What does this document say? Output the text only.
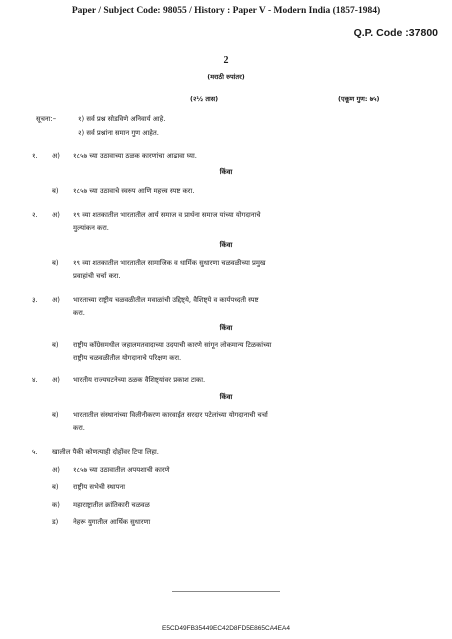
Paper / Subject Code: 98055 / History : Paper V - Modern India (1857-1984)
Q.P. Code :37800
2
(मराठी रुपांतर)
(२½ तास)	(एकूण गुण: ७५)
सूचना:–	१) सर्व प्रश्न सोडविणे अनिवार्य आहे.
२) सर्व प्रश्नांना समान गुण आहेत.
१. अ) १८५७ च्या उठावाच्या ठळक कारणांचा आढावा घ्या.
किंवा
ब) १८५७ च्या उठावाचे स्वरुप आणि महत्त्व स्पष्ट करा.
२. अ) १९ व्या शतकातील भारतातील आर्य समाज व प्रार्थना समाज यांच्या योगदानाचे
मुल्यांकन करा.
किंवा
ब) १९ व्या शतकातील भारतातील सामाजिक व धार्मिक सुधारणा चळवळीच्या प्रमुख
प्रवाहांची चर्चा करा.
३. अ) भारताच्या राष्ट्रीय चळवळीतील मवाळांची उद्दिष्ट्ये, वैशिष्ट्ये व कार्यपध्दती स्पष्ट
करा.
किंवा
ब) राष्ट्रीय काँग्रेसमधील जहालमतवादाच्या उदयाची कारणे सांगून लोकमान्य टिळकांच्या
राष्ट्रीय चळवळीतील योगदानाचे परिक्षण करा.
४. अ) भारतीय राज्यघटनेच्या ठळक वैशिष्ट्यांवर प्रकाश टाका.
किंवा
ब) भारतातील संस्थानांच्या विलीनीकरण कारवाईत सरदार पटेलांच्या योगदानाची चर्चा
करा.
५. खालील पैकी कोणत्याही दोहोंवर टिपा लिहा.
अ) १८५७ च्या उठावातील अपयशाची कारणे
ब) राष्ट्रीय सभेची स्थापना
क) महाराष्ट्रातील क्रांतिकारी चळवळ
ड) नेहरू युगातील आर्थिक सुधारणा
E5CD49FB35449EC42D8FD5E865CA4EA4
